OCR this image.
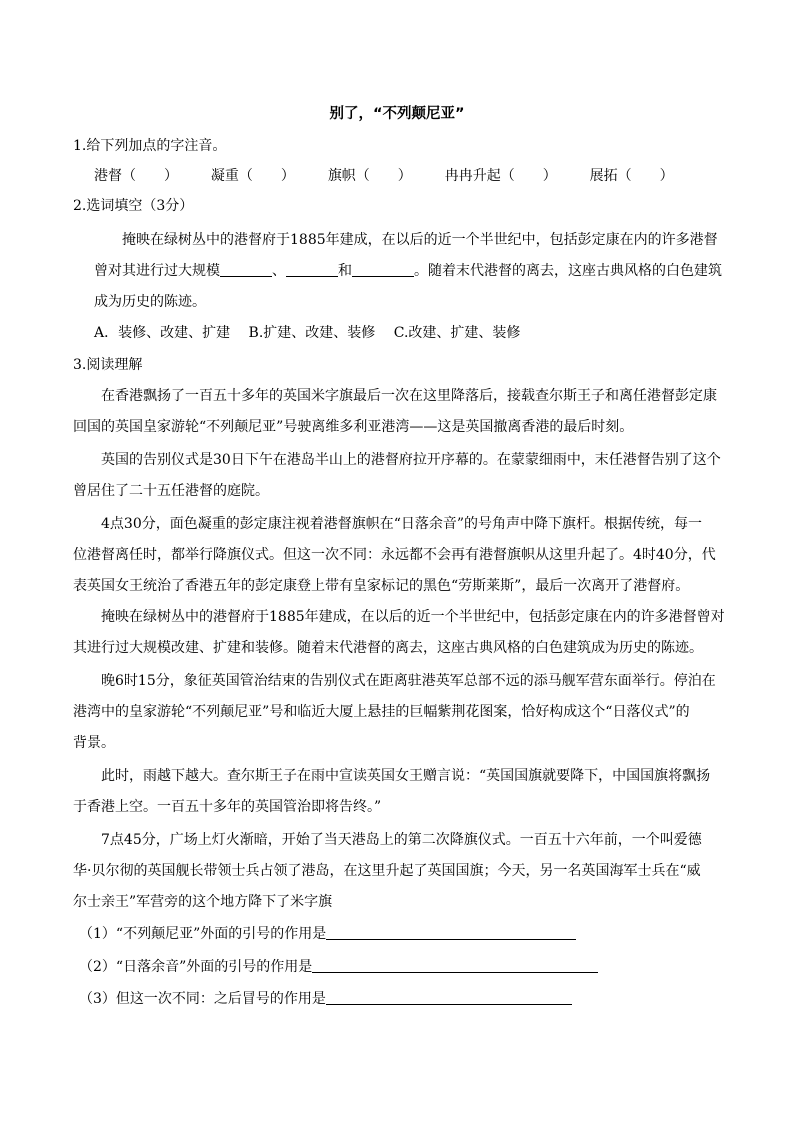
别了，“不列颠尼亚”
1.给下列加点的字注音。
港督（　　） 凝重（　　） 旗帜（　　） 冉冉升起（　　） 展拓（　　）
2.选词填空（3分）
掩映在绿树丛中的港督府于1885年建成，在以后的近一个半世纪中，包括彭定康在内的许多港督
曾对其进行过大规模	、	和	。随着末代港督的离去，这座古典风格的白色建筑
成为历史的陈迹。
A．装修、改建、扩建　 B.扩建、改建、装修　 C.改建、扩建、装修
3.阅读理解
在香港飘扬了一百五十多年的英国米字旗最后一次在这里降落后，接载查尔斯王子和离任港督彭定康
回国的英国皇家游轮“不列颠尼亚”号驶离维多利亚港湾——这是英国撤离香港的最后时刻。
英国的告别仪式是30日下午在港岛半山上的港督府拉开序幕的。在蒙蒙细雨中，末任港督告别了这个
曾居住了二十五任港督的庭院。
4点30分，面色凝重的彭定康注视着港督旗帜在“日落余音”的号角声中降下旗杆。根据传统，每一
位港督离任时，都举行降旗仪式。但这一次不同：永远都不会再有港督旗帜从这里升起了。4时40分，代
表英国女王统治了香港五年的彭定康登上带有皇家标记的黑色“劳斯莱斯”，最后一次离开了港督府。
掩映在绿树丛中的港督府于1885年建成，在以后的近一个半世纪中，包括彭定康在内的许多港督曾对
其进行过大规模改建、扩建和装修。随着末代港督的离去，这座古典风格的白色建筑成为历史的陈迹。
晚6时15分，象征英国管治结束的告别仪式在距离驻港英军总部不远的添马舰军营东面举行。停泊在
港湾中的皇家游轮“不列颠尼亚”号和临近大厦上悬挂的巨幅紫荆花图案，恰好构成这个“日落仪式”的
背景。
此时，雨越下越大。查尔斯王子在雨中宣读英国女王赠言说：“英国国旗就要降下，中国国旗将飘扬
于香港上空。一百五十多年的英国管治即将告终。”
7点45分，广场上灯火渐暗，开始了当天港岛上的第二次降旗仪式。一百五十六年前，一个叫爱德
华·贝尔彻的英国舰长带领士兵占领了港岛，在这里升起了英国国旗；今天，另一名英国海军士兵在“威
尔士亲王”军营旁的这个地方降下了米字旗
（1）“不列颠尼亚”外面的引号的作用是
（2）“日落余音”外面的引号的作用是
（3）但这一次不同：之后冒号的作用是
